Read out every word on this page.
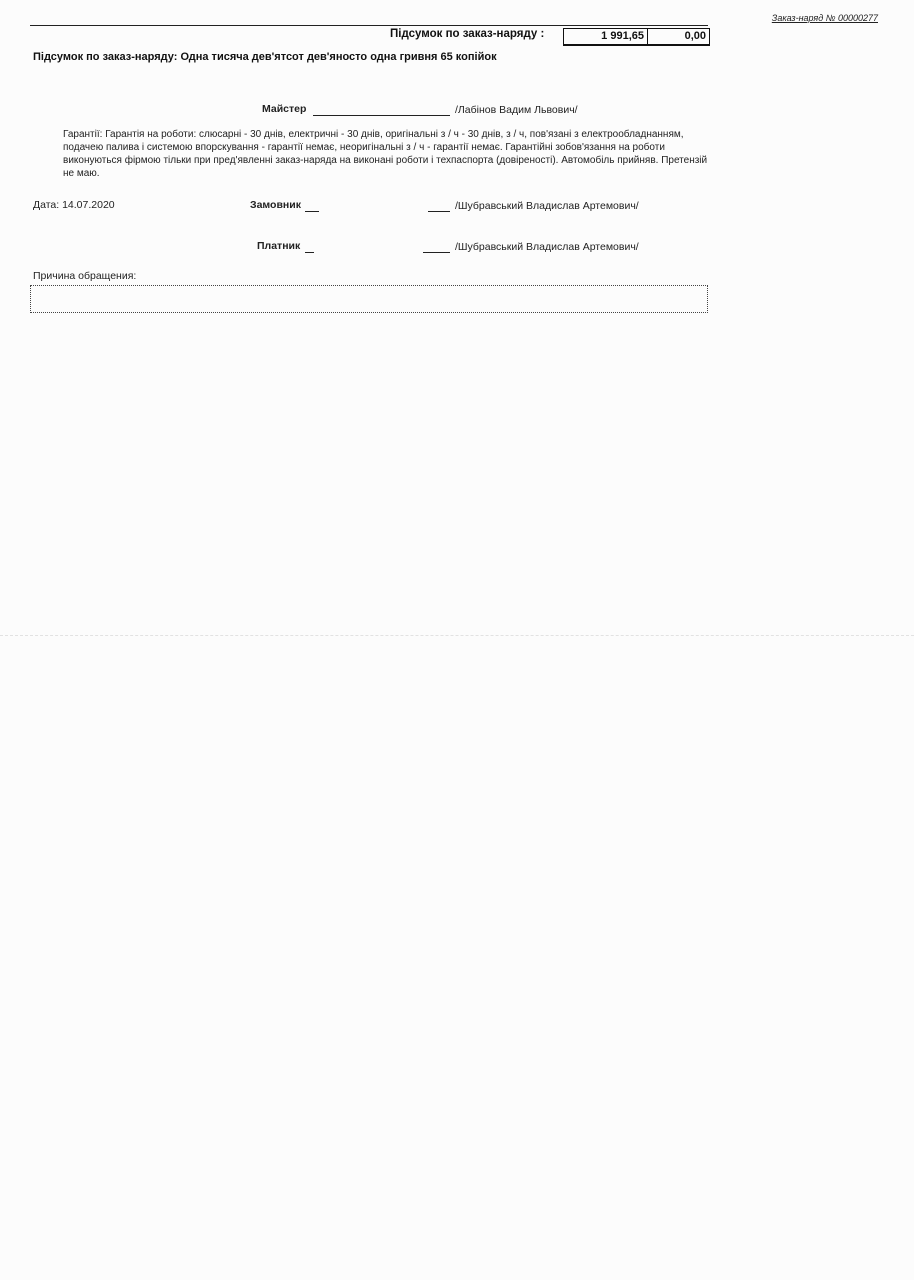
Заказ-наряд № 00000277
Підсумок по заказ-наряду :	1 991,65	0,00
Підсумок по заказ-наряду: Одна тисяча дев'ятсот дев'яносто одна гривня 65 копійок
Майстер	/Лабінов Вадим Львович/
Гарантії: Гарантія на роботи: слюсарні - 30 днів, електричні - 30 днів, оригінальні з / ч - 30 днів, з / ч, пов'язані з електрообладнанням, подачею палива і системою впорскування - гарантії немає, неоригінальні з / ч - гарантії немає. Гарантійні зобов'язання на роботи виконуються фірмою тільки при пред'явленні заказ-наряда на виконані роботи і техпаспорта (довіреності). Автомобіль прийняв. Претензій не маю.
Дата: 14.07.2020	Замовник	/Шубравський Владислав Артемович/
Платник	/Шубравський Владислав Артемович/
Причина обращения:
